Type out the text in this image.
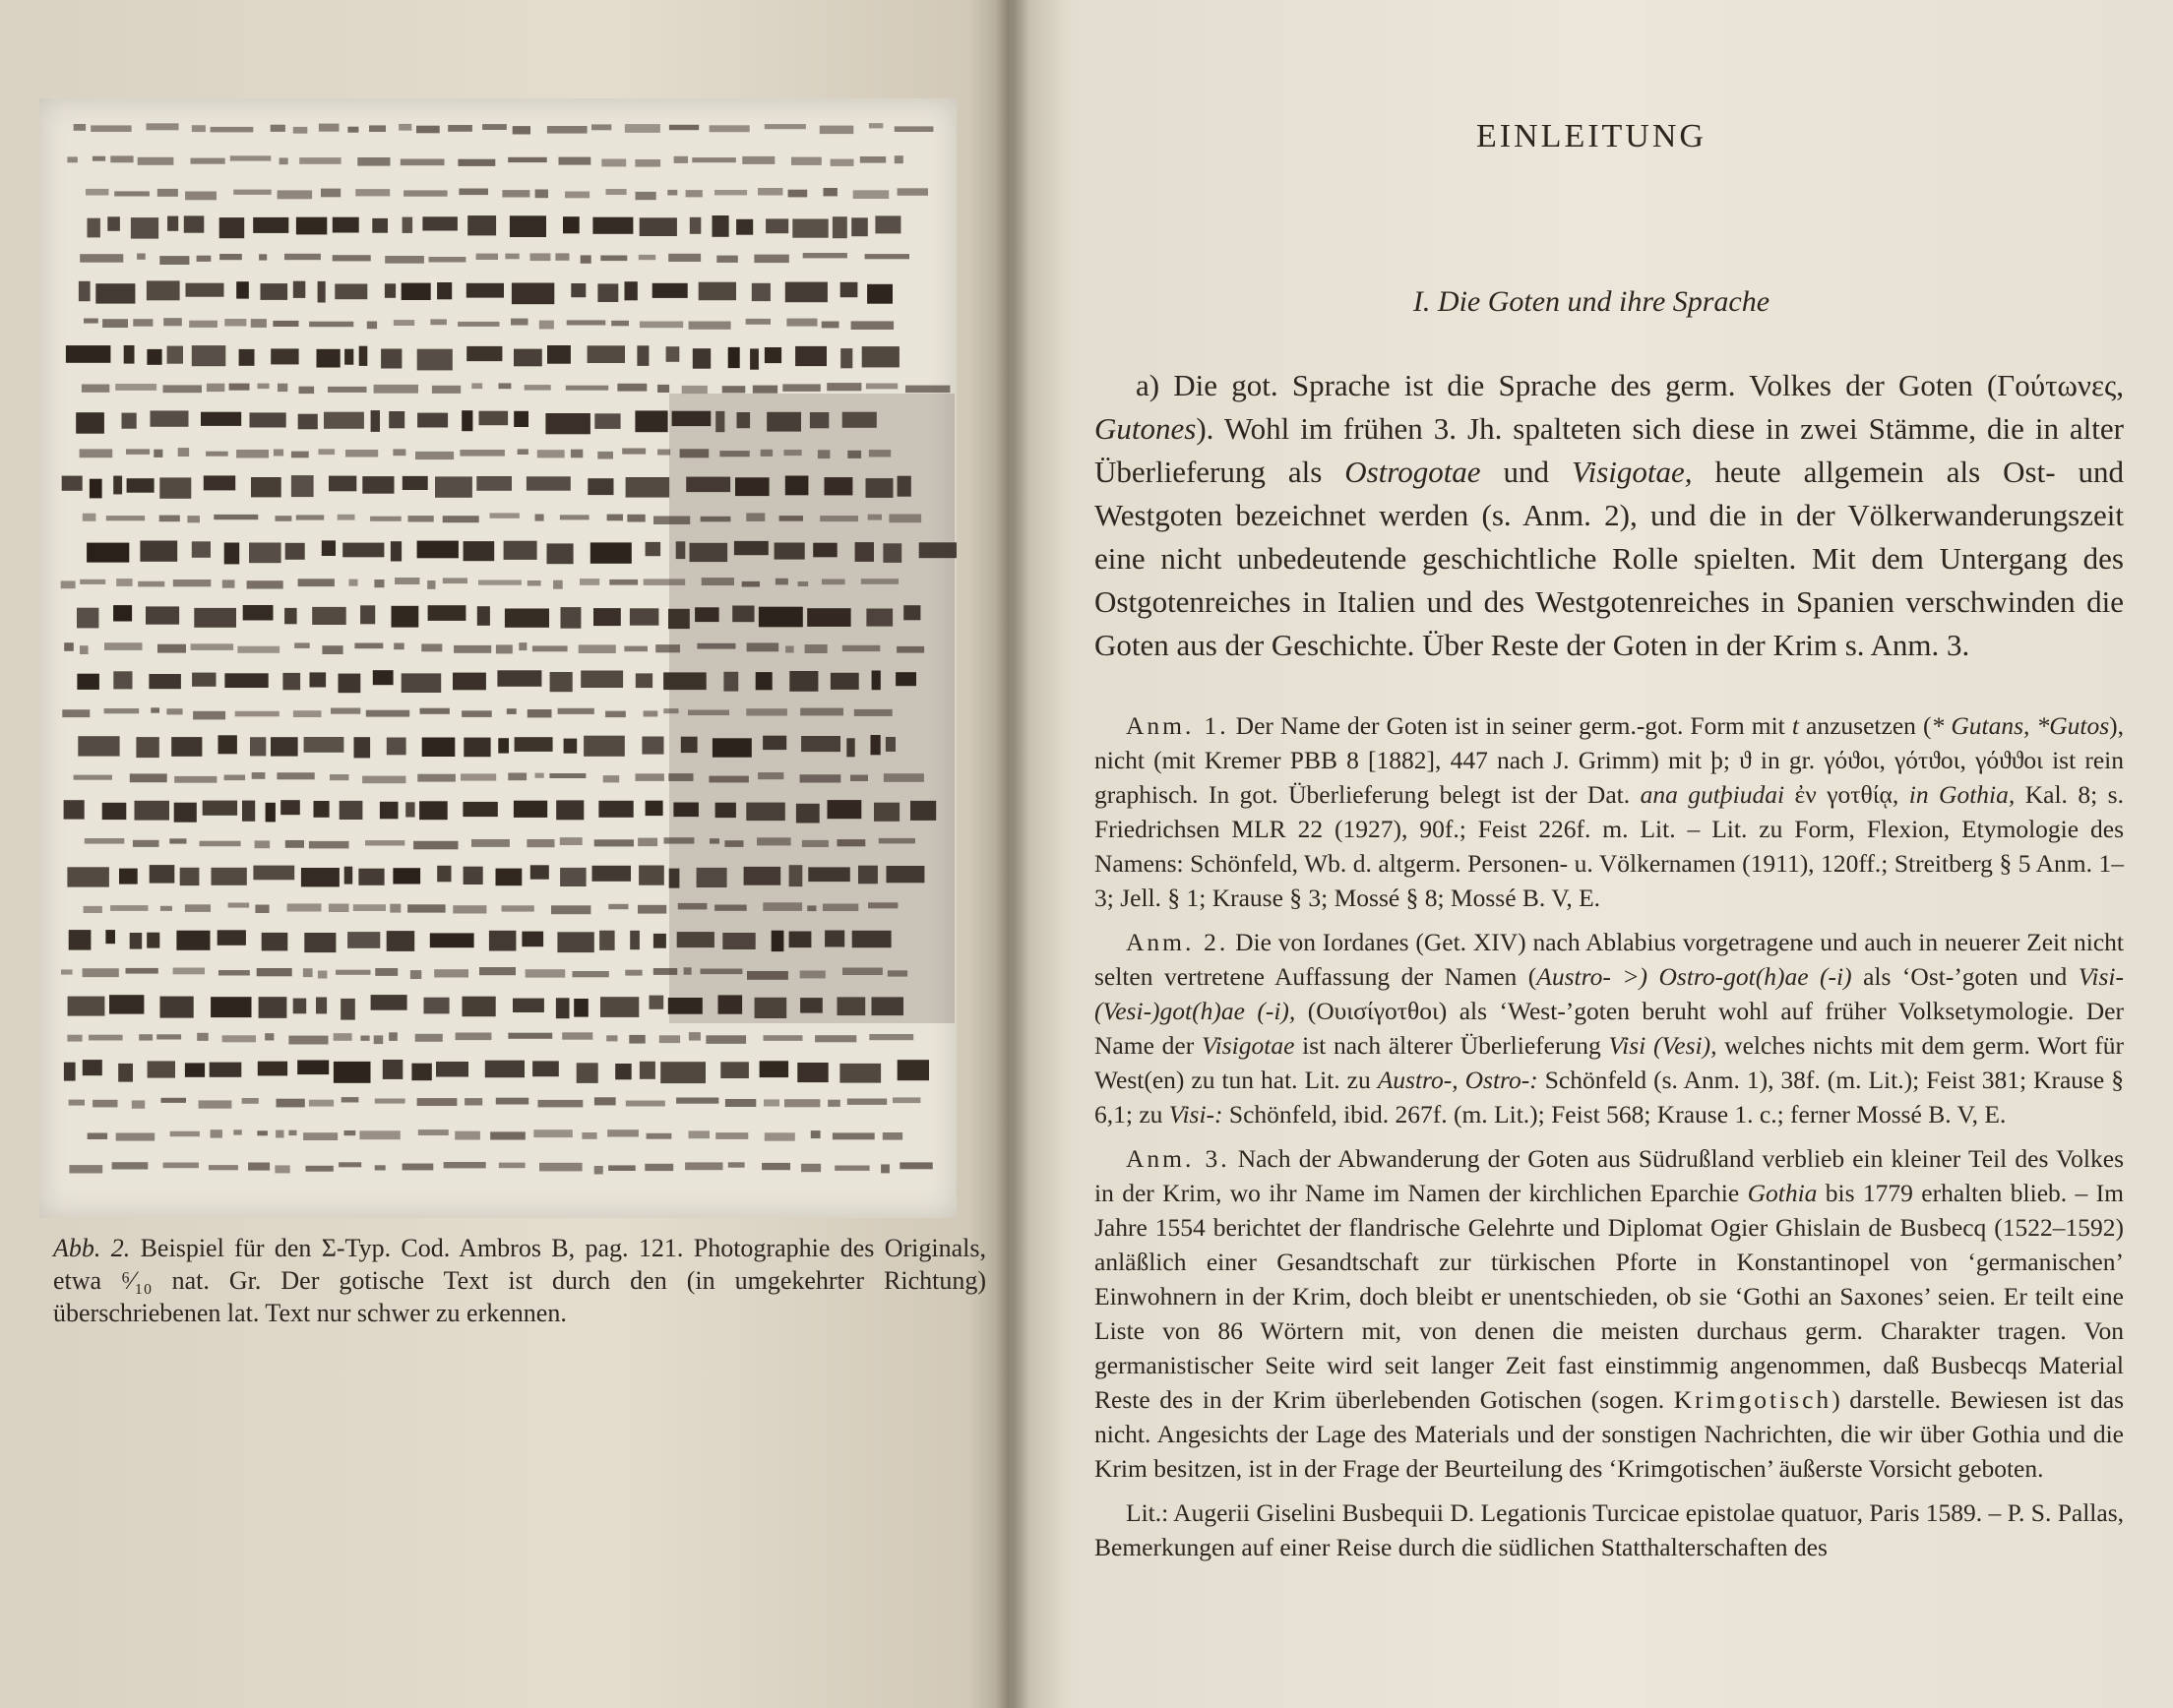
Abb. 2. Beispiel für den Σ-Typ. Cod. Ambros B, pag. 121. Photographie des Originals, etwa ⁶⁄₁₀ nat. Gr. Der gotische Text ist durch den (in umgekehrter Richtung) überschriebenen lat. Text nur schwer zu erkennen.
EINLEITUNG
I. Die Goten und ihre Sprache

a) Die got. Sprache ist die Sprache des germ. Volkes der Goten (Γούτωνες, Gutones). Wohl im frühen 3. Jh. spalteten sich diese in zwei Stämme, die in alter Überlieferung als Ostrogotae und Visigotae, heute allgemein als Ost- und Westgoten bezeichnet werden (s. Anm. 2), und die in der Völkerwanderungszeit eine nicht unbedeutende geschichtliche Rolle spielten. Mit dem Untergang des Ostgotenreiches in Italien und des Westgotenreiches in Spanien verschwinden die Goten aus der Geschichte. Über Reste der Goten in der Krim s. Anm. 3.

Anm. 1. Der Name der Goten ist in seiner germ.-got. Form mit t anzusetzen (* Gutans, *Gutos), nicht (mit Kremer PBB 8 [1882], 447 nach J. Grimm) mit þ; ϑ in gr. γόϑοι, γότϑοι, γόϑϑοι ist rein graphisch. In got. Überlieferung belegt ist der Dat. ana gutþiudai ἐν γοτθίᾳ, in Gothia, Kal. 8; s. Friedrichsen MLR 22 (1927), 90f.; Feist 226f. m. Lit. – Lit. zu Form, Flexion, Etymologie des Namens: Schönfeld, Wb. d. altgerm. Personen- u. Völkernamen (1911), 120ff.; Streitberg § 5 Anm. 1–3; Jell. § 1; Krause § 3; Mossé § 8; Mossé B. V, E.

Anm. 2. Die von Iordanes (Get. XIV) nach Ablabius vorgetragene und auch in neuerer Zeit nicht selten vertretene Auffassung der Namen (Austro- >) Ostro-got(h)ae (-i) als ‘Ost-’goten und Visi- (Vesi-)got(h)ae (-i), (Ουισίγοτθοι) als ‘West-’goten beruht wohl auf früher Volksetymologie. Der Name der Visigotae ist nach älterer Überlieferung Visi (Vesi), welches nichts mit dem germ. Wort für West(en) zu tun hat. Lit. zu Austro-, Ostro-: Schönfeld (s. Anm. 1), 38f. (m. Lit.); Feist 381; Krause § 6,1; zu Visi-: Schönfeld, ibid. 267f. (m. Lit.); Feist 568; Krause 1. c.; ferner Mossé B. V, E.

Anm. 3. Nach der Abwanderung der Goten aus Südrußland verblieb ein kleiner Teil des Volkes in der Krim, wo ihr Name im Namen der kirchlichen Eparchie Gothia bis 1779 erhalten blieb. – Im Jahre 1554 berichtet der flandrische Gelehrte und Diplomat Ogier Ghislain de Busbecq (1522–1592) anläßlich einer Gesandtschaft zur türkischen Pforte in Konstantinopel von ‘germanischen’ Einwohnern in der Krim, doch bleibt er unentschieden, ob sie ‘Gothi an Saxones’ seien. Er teilt eine Liste von 86 Wörtern mit, von denen die meisten durchaus germ. Charakter tragen. Von germanistischer Seite wird seit langer Zeit fast einstimmig angenommen, daß Busbecqs Material Reste des in der Krim überlebenden Gotischen (sogen. Krimgotisch) darstelle. Bewiesen ist das nicht. Angesichts der Lage des Materials und der sonstigen Nachrichten, die wir über Gothia und die Krim besitzen, ist in der Frage der Beurteilung des ‘Krimgotischen’ äußerste Vorsicht geboten.

Lit.: Augerii Giselini Busbequii D. Legationis Turcicae epistolae quatuor, Paris 1589. – P. S. Pallas, Bemerkungen auf einer Reise durch die südlichen Statthalterschaften des
